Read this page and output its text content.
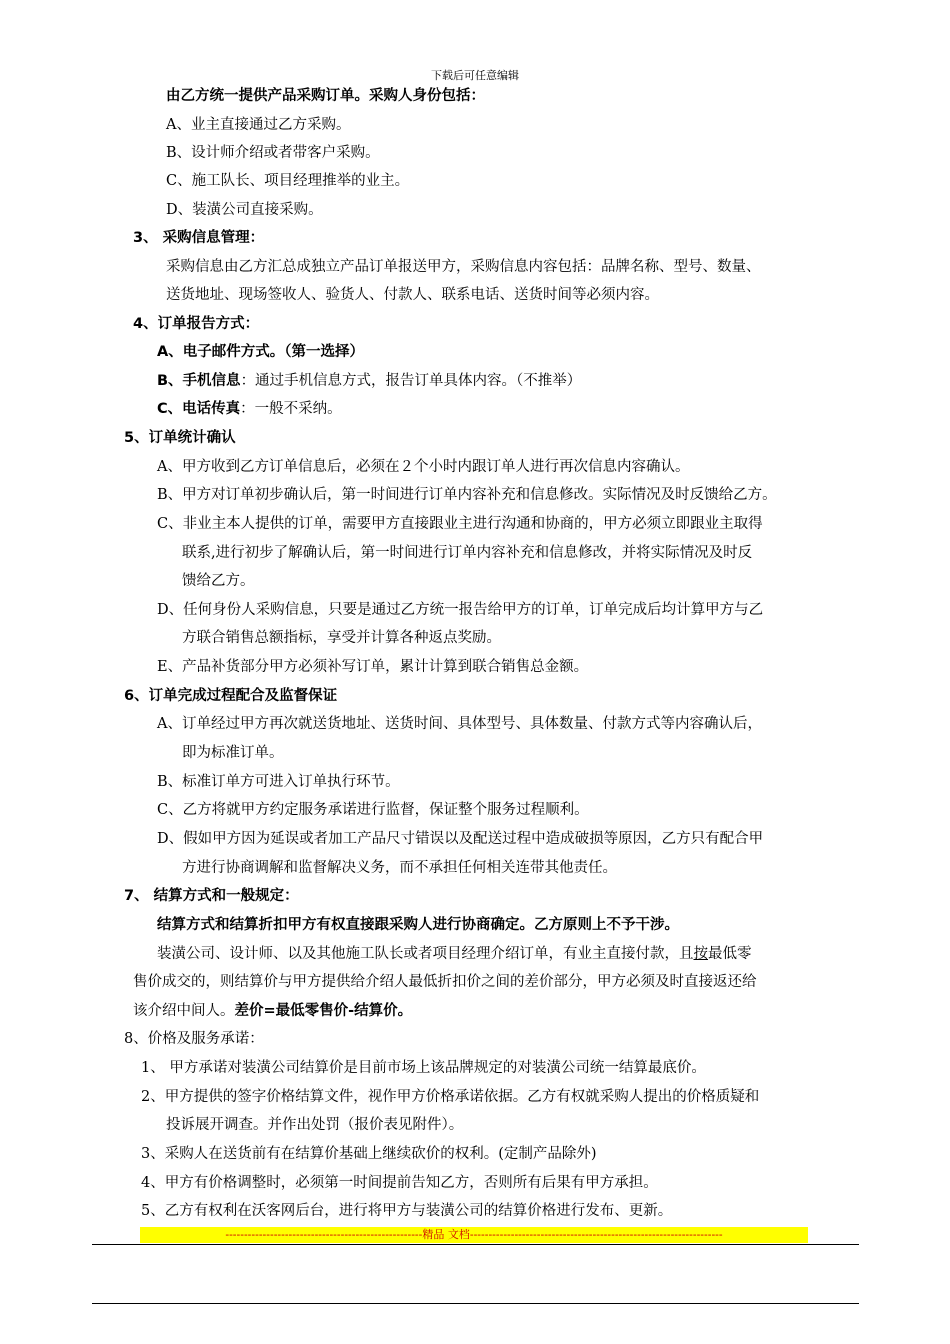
下载后可任意编辑
由乙方统一提供产品采购订单。采购人身份包括：
A、业主直接通过乙方采购。
B、设计师介绍或者带客户采购。
C、施工队长、项目经理推举的业主。
D、装潢公司直接采购。
3、 采购信息管理：
采购信息由乙方汇总成独立产品订单报送甲方，采购信息内容包括：品牌名称、型号、数量、
送货地址、现场签收人、验货人、付款人、联系电话、送货时间等必须内容。
4、订单报告方式：
A、电子邮件方式。（第一选择）
B、手机信息：通过手机信息方式，报告订单具体内容。（不推举）
C、电话传真：一般不采纳。
5、订单统计确认
A、甲方收到乙方订单信息后，必须在２个小时内跟订单人进行再次信息内容确认。
B、甲方对订单初步确认后，第一时间进行订单内容补充和信息修改。实际情况及时反馈给乙方。
C、非业主本人提供的订单，需要甲方直接跟业主进行沟通和协商的，甲方必须立即跟业主取得
联系,进行初步了解确认后，第一时间进行订单内容补充和信息修改，并将实际情况及时反
馈给乙方。
D、任何身份人采购信息，只要是通过乙方统一报告给甲方的订单，订单完成后均计算甲方与乙
方联合销售总额指标，享受并计算各种返点奖励。
E、产品补货部分甲方必须补写订单，累计计算到联合销售总金额。
6、订单完成过程配合及监督保证
A、订单经过甲方再次就送货地址、送货时间、具体型号、具体数量、付款方式等内容确认后，
即为标准订单。
B、标准订单方可进入订单执行环节。
C、乙方将就甲方约定服务承诺进行监督，保证整个服务过程顺利。
D、假如甲方因为延误或者加工产品尺寸错误以及配送过程中造成破损等原因，乙方只有配合甲
方进行协商调解和监督解决义务，而不承担任何相关连带其他责任。
7、 结算方式和一般规定：
结算方式和结算折扣甲方有权直接跟采购人进行协商确定。乙方原则上不予干涉。
装潢公司、设计师、以及其他施工队长或者项目经理介绍订单，有业主直接付款，且按最低零
售价成交的，则结算价与甲方提供给介绍人最低折扣价之间的差价部分，甲方必须及时直接返还给
该介绍中间人。差价=最低零售价-结算价。
8、价格及服务承诺：
1、 甲方承诺对装潢公司结算价是目前市场上该品牌规定的对装潢公司统一结算最底价。
2、甲方提供的签字价格结算文件，视作甲方价格承诺依据。乙方有权就采购人提出的价格质疑和
投诉展开调查。并作出处罚（报价表见附件）。
3、采购人在送货前有在结算价基础上继续砍价的权利。(定制产品除外)
4、甲方有价格调整时，必须第一时间提前告知乙方，否则所有后果有甲方承担。
5、乙方有权利在沃客网后台，进行将甲方与装潢公司的结算价格进行发布、更新。
-----------------------------------------------------精品 文档--------------------------------------------------------------------
